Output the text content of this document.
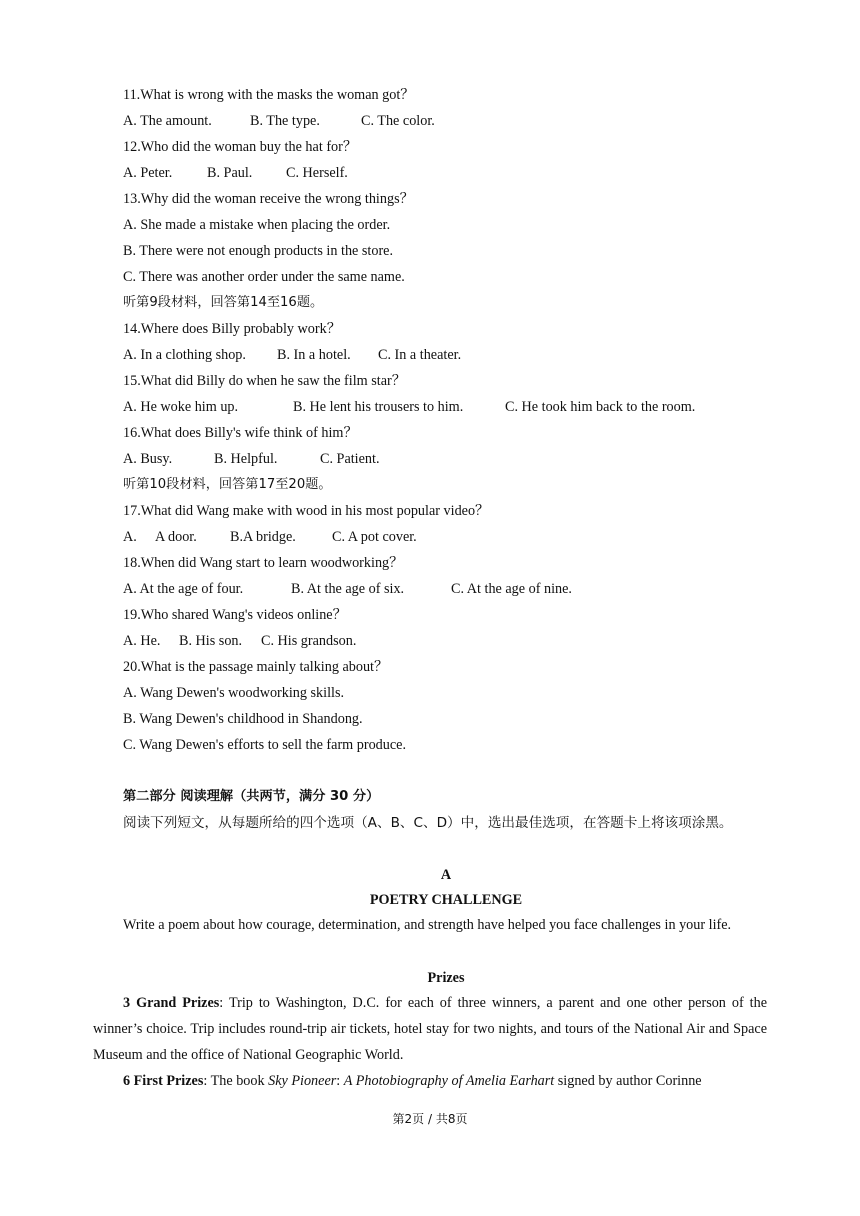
11.What is wrong with the masks the woman got？
A. The amount.	B. The type.	C. The color.
12.Who did the woman buy the hat for？
A. Peter. B. Paul. C. Herself.
13.Why did the woman receive the wrong things？
A. She made a mistake when placing the order.
B. There were not enough products in the store.
C. There was another order under the same name.
听第9段材料，回答第14至16题。
14.Where does Billy probably work？
A. In a clothing shop. B. In a hotel. C. In a theater.
15.What did Billy do when he saw the film star？
A. He woke him up.	B. He lent his trousers to him.	C. He took him back to the room.
16.What does Billy's wife think of him？
A. Busy.	B. Helpful.	C. Patient.
听第10段材料，回答第17至20题。
17.What did Wang make with wood in his most popular video？
A. A door. B.A bridge.	C. A pot cover.
18.When did Wang start to learn woodworking？
A. At the age of four.	B. At the age of six.	C. At the age of nine.
19.Who shared Wang's videos online？
A. He. B. His son. C. His grandson.
20.What is the passage mainly talking about？
A. Wang Dewen's woodworking skills.
B. Wang Dewen's childhood in Shandong.
C. Wang Dewen's efforts to sell the farm produce.
第二部分 阅读理解（共两节，满分 30 分）
阅读下列短文，从每题所给的四个选项（A、B、C、D）中，选出最佳选项，在答题卡上将该项涂黑。
A
POETRY CHALLENGE
Write a poem about how courage, determination, and strength have helped you face challenges in your life.
Prizes
3 Grand Prizes: Trip to Washington, D.C. for each of three winners, a parent and one other person of the winner’s choice. Trip includes round-trip air tickets, hotel stay for two nights, and tours of the National Air and Space Museum and the office of National Geographic World.
6 First Prizes: The book Sky Pioneer: A Photobiography of Amelia Earhart signed by author Corinne
第2页 / 共8页
